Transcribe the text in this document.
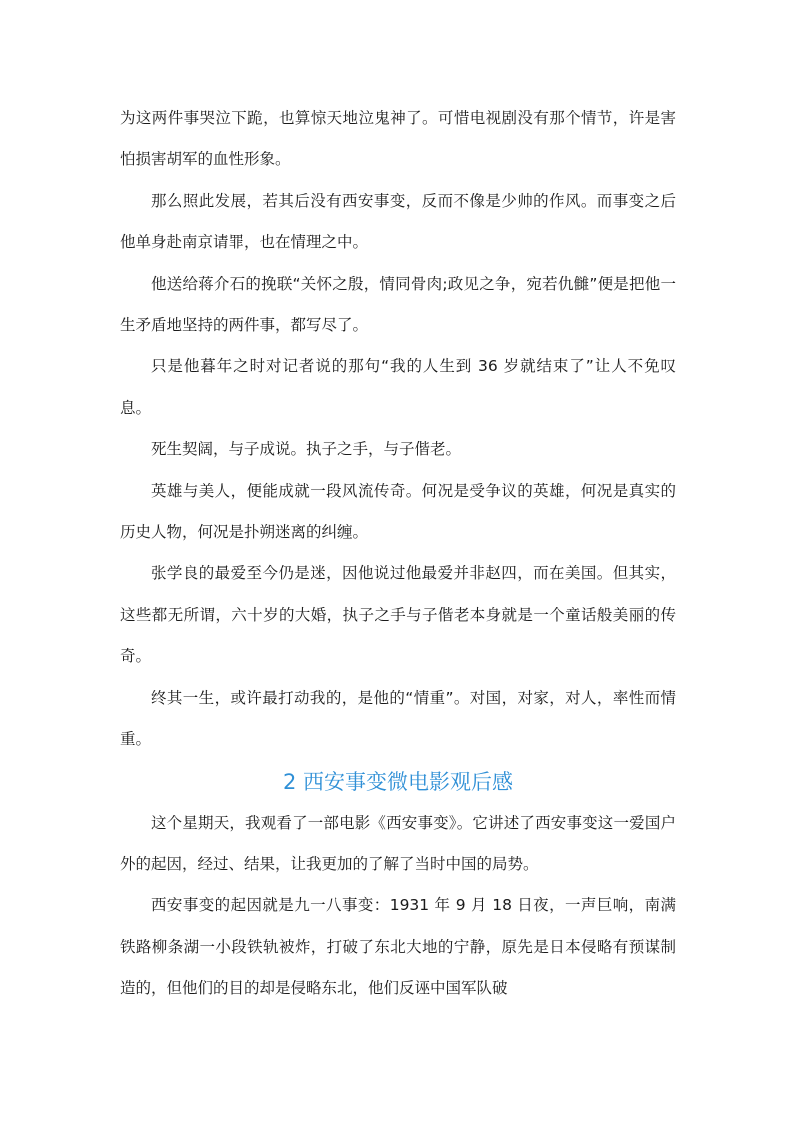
为这两件事哭泣下跪，也算惊天地泣鬼神了。可惜电视剧没有那个情节，许是害怕损害胡军的血性形象。

那么照此发展，若其后没有西安事变，反而不像是少帅的作风。而事变之后他单身赴南京请罪，也在情理之中。

他送给蒋介石的挽联“关怀之殷，情同骨肉;政见之争，宛若仇雠”便是把他一生矛盾地坚持的两件事，都写尽了。

只是他暮年之时对记者说的那句“我的人生到 36 岁就结束了”让人不免叹息。

死生契阔，与子成说。执子之手，与子偕老。

英雄与美人，便能成就一段风流传奇。何况是受争议的英雄，何况是真实的历史人物，何况是扑朔迷离的纠缠。

张学良的最爱至今仍是迷，因他说过他最爱并非赵四，而在美国。但其实，这些都无所谓，六十岁的大婚，执子之手与子偕老本身就是一个童话般美丽的传奇。

终其一生，或许最打动我的，是他的“情重”。对国，对家，对人，率性而情重。

2 西安事变微电影观后感

这个星期天，我观看了一部电影《西安事变》。它讲述了西安事变这一爱国户外的起因，经过、结果，让我更加的了解了当时中国的局势。

西安事变的起因就是九一八事变：1931 年 9 月 18 日夜，一声巨响，南满铁路柳条湖一小段铁轨被炸，打破了东北大地的宁静，原先是日本侵略有预谋制造的，但他们的目的却是侵略东北，他们反诬中国军队破
